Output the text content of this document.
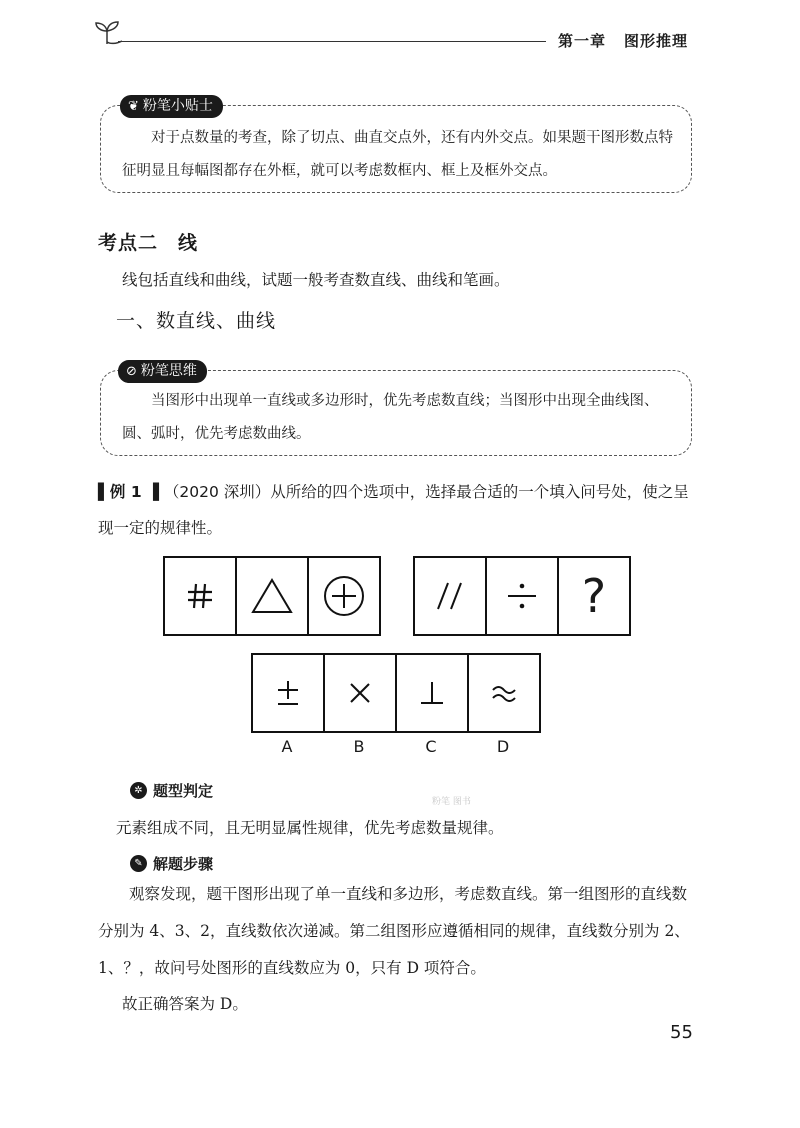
第一章 图形推理
❦ 粉笔小贴士
对于点数量的考查，除了切点、曲直交点外，还有内外交点。如果题干图形数点特征明显且每幅图都存在外框，就可以考虑数框内、框上及框外交点。
考点二　线
线包括直线和曲线，试题一般考查数直线、曲线和笔画。
一、数直线、曲线
⊘ 粉笔思维
当图形中出现单一直线或多边形时，优先考虑数直线；当图形中出现全曲线图、圆、弧时，优先考虑数曲线。
▌例 1 ▐ （2020 深圳）从所给的四个选项中，选择最合适的一个填入问号处，使之呈现一定的规律性。
?
A	B	C	D
✲ 题型判定
粉笔 图书
元素组成不同，且无明显属性规律，优先考虑数量规律。
✎ 解题步骤
观察发现，题干图形出现了单一直线和多边形，考虑数直线。第一组图形的直线数分别为 4、3、2，直线数依次递减。第二组图形应遵循相同的规律，直线数分别为 2、1、？，故问号处图形的直线数应为 0，只有 D 项符合。
故正确答案为 D。
55
